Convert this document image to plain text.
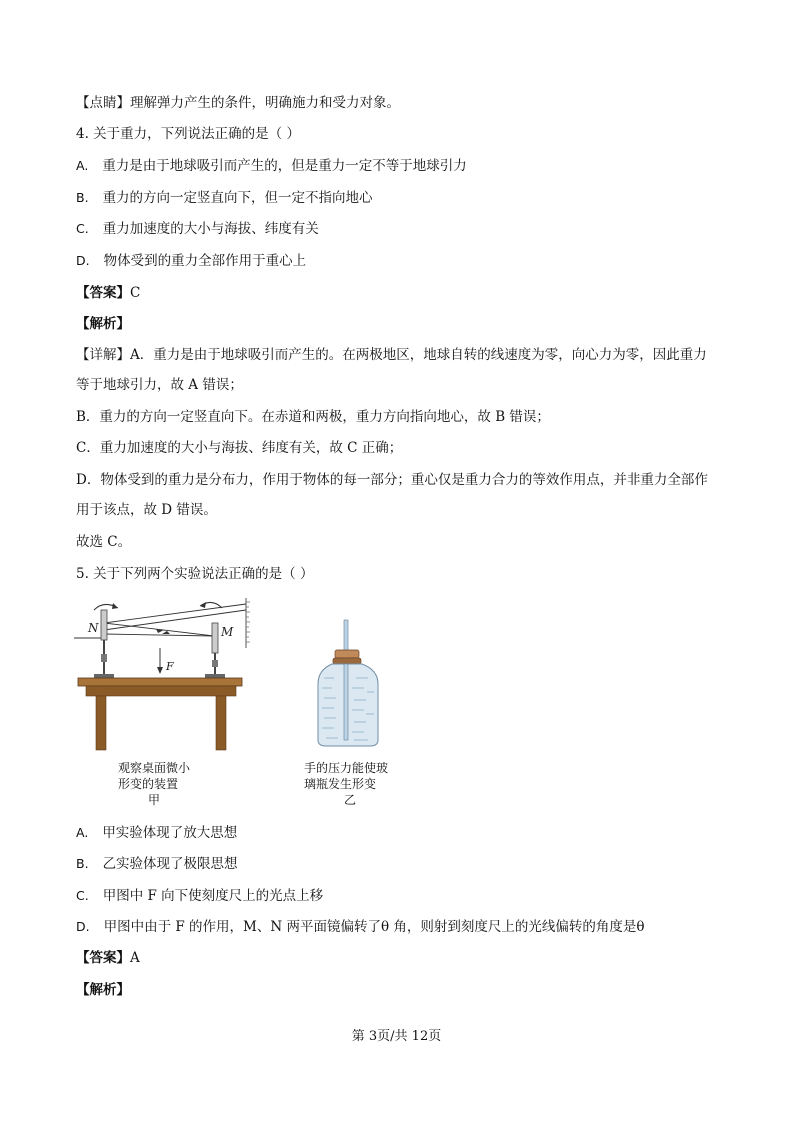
【点睛】理解弹力产生的条件，明确施力和受力对象。
4. 关于重力，下列说法正确的是（ ）
A. 重力是由于地球吸引而产生的，但是重力一定不等于地球引力
B. 重力的方向一定竖直向下，但一定不指向地心
C. 重力加速度的大小与海拔、纬度有关
D. 物体受到的重力全部作用于重心上
【答案】C
【解析】
【详解】A．重力是由于地球吸引而产生的。在两极地区，地球自转的线速度为零，向心力为零，因此重力
等于地球引力，故 A 错误；
B．重力的方向一定竖直向下。在赤道和两极，重力方向指向地心，故 B 错误；
C．重力加速度的大小与海拔、纬度有关，故 C 正确；
D．物体受到的重力是分布力，作用于物体的每一部分；重心仅是重力合力的等效作用点，并非重力全部作
用于该点，故 D 错误。
故选 C。
5. 关于下列两个实验说法正确的是（ ）
N	M
F
观察桌面微小
形变的装置
甲
手的压力能使玻
璃瓶发生形变
乙
A. 甲实验体现了放大思想
B. 乙实验体现了极限思想
C. 甲图中 F 向下使刻度尺上的光点上移
D. 甲图中由于 F 的作用，M、N 两平面镜偏转了θ 角，则射到刻度尺上的光线偏转的角度是θ
【答案】A
【解析】
第 3页/共 12页
